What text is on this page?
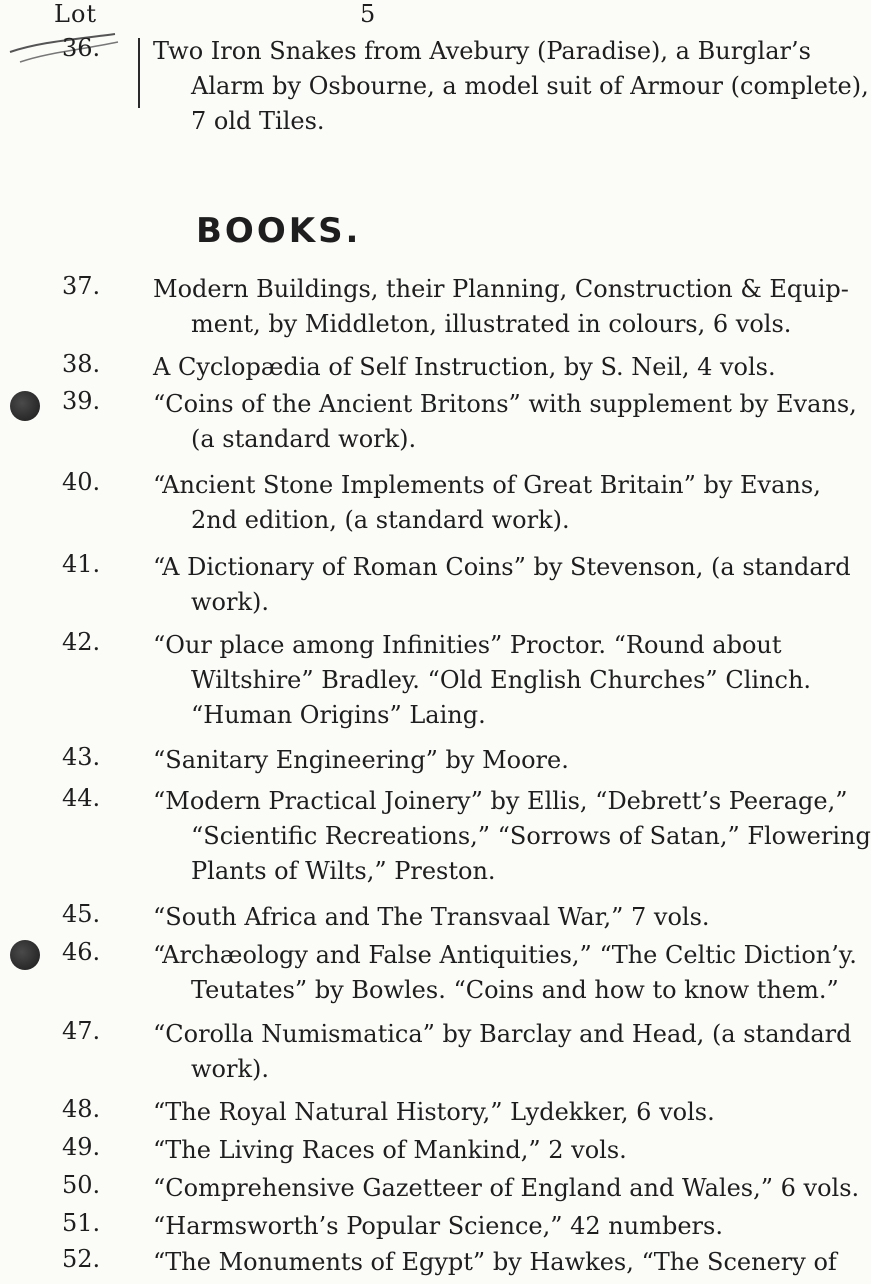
Lot	5
36. Two Iron Snakes from Avebury (Paradise), a Burglar’s
Alarm by Osbourne, a model suit of Armour (complete),
7 old Tiles.
BOOKS.
37. Modern Buildings, their Planning, Construction & Equip-
ment, by Middleton, illustrated in colours, 6 vols.
38. A Cyclopædia of Self Instruction, by S. Neil, 4 vols.
39. “Coins of the Ancient Britons” with supplement by Evans,
(a standard work).
40. “Ancient Stone Implements of Great Britain” by Evans,
2nd edition, (a standard work).
41. “A Dictionary of Roman Coins” by Stevenson, (a standard
work).
42. “Our place among Infinities” Proctor. “Round about
Wiltshire” Bradley. “Old English Churches” Clinch.
“Human Origins” Laing.
43. “Sanitary Engineering” by Moore.
44. “Modern Practical Joinery” by Ellis, “Debrett’s Peerage,”
“Scientific Recreations,” “Sorrows of Satan,” Flowering
Plants of Wilts,” Preston.
45. “South Africa and The Transvaal War,” 7 vols.
46. “Archæology and False Antiquities,” “The Celtic Diction’y.
Teutates” by Bowles. “Coins and how to know them.”
47. “Corolla Numismatica” by Barclay and Head, (a standard
work).
48. “The Royal Natural History,” Lydekker, 6 vols.
49. “The Living Races of Mankind,” 2 vols.
50. “Comprehensive Gazetteer of England and Wales,” 6 vols.
51. “Harmsworth’s Popular Science,” 42 numbers.
52. “The Monuments of Egypt” by Hawkes, “The Scenery of
